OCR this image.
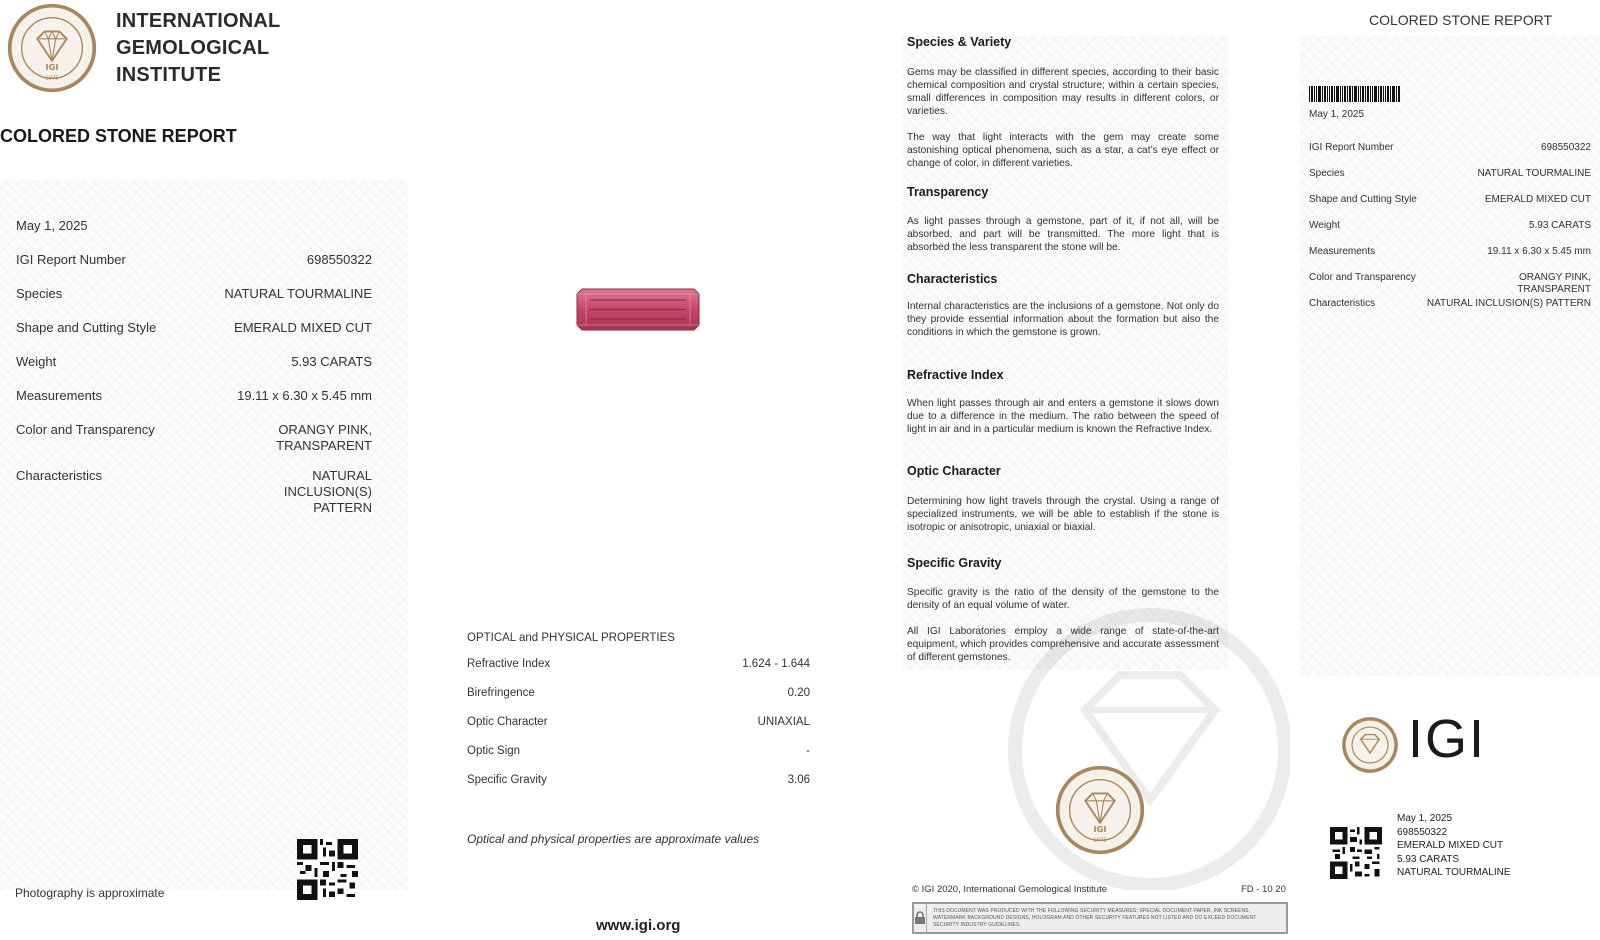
1975
IGI
INTERNATIONAL
GEMOLOGICAL
INSTITUTE
COLORED STONE REPORT
May 1, 2025
IGI Report Number	698550322
Species	NATURAL TOURMALINE
Shape and Cutting Style	EMERALD MIXED CUT
Weight	5.93 CARATS
Measurements	19.11 x 6.30 x 5.45 mm
Color and Transparency	ORANGY PINK, TRANSPARENT
Characteristics	NATURAL INCLUSION(S) PATTERN
Photography is approximate
OPTICAL and PHYSICAL PROPERTIES
Refractive Index	1.624 - 1.644
Birefringence	0.20
Optic Character	UNIAXIAL
Optic Sign	-
Specific Gravity	3.06
Optical and physical properties are approximate values
www.igi.org
Species & Variety

Gems may be classified in different species, according to their basic chemical composition and crystal structure; within a certain species, small differences in composition may results in different colors, or varieties.

The way that light interacts with the gem may create some astonishing optical phenomena, such as a star, a cat’s eye effect or change of color, in different varieties.

Transparency

As light passes through a gemstone, part of it, if not all, will be absorbed, and part will be transmitted. The more light that is absorbed the less transparent the stone will be.

Characteristics

Internal characteristics are the inclusions of a gemstone. Not only do they provide essential information about the formation but also the conditions in which the gemstone is grown.

Refractive Index

When light passes through air and enters a gemstone it slows down due to a difference in the medium. The ratio between the speed of light in air and in a particular medium is known the Refractive Index.

Optic Character

Determining how light travels through the crystal. Using a range of specialized instruments, we will be able to establish if the stone is isotropic or anisotropic, uniaxial or biaxial.

Specific Gravity

Specific gravity is the ratio of the density of the gemstone to the density of an equal volume of water.

All IGI Laboratories employ a wide range of state-of-the-art equipment, which provides comprehensive and accurate assessment of different gemstones.

IGI
1975
© IGI 2020, International Gemological Institute	FD - 10 20
THIS DOCUMENT WAS PRODUCED WITH THE FOLLOWING SECURITY MEASURES: SPECIAL DOCUMENT PAPER, INK SCREENS, WATERMARK BACKGROUND DESIGNS, HOLOGRAM AND OTHER SECURITY FEATURES NOT LISTED AND DO EXCEED DOCUMENT SECURITY INDUSTRY GUIDELINES.
COLORED STONE REPORT
May 1, 2025
IGI Report Number	698550322
Species	NATURAL TOURMALINE
Shape and Cutting Style	EMERALD MIXED CUT
Weight	5.93 CARATS
Measurements	19.11 x 6.30 x 5.45 mm
Color and Transparency	ORANGY PINK, TRANSPARENT
Characteristics	NATURAL INCLUSION(S) PATTERN
IGI
May 1, 2025
698550322
EMERALD MIXED CUT
5.93 CARATS
NATURAL TOURMALINE
